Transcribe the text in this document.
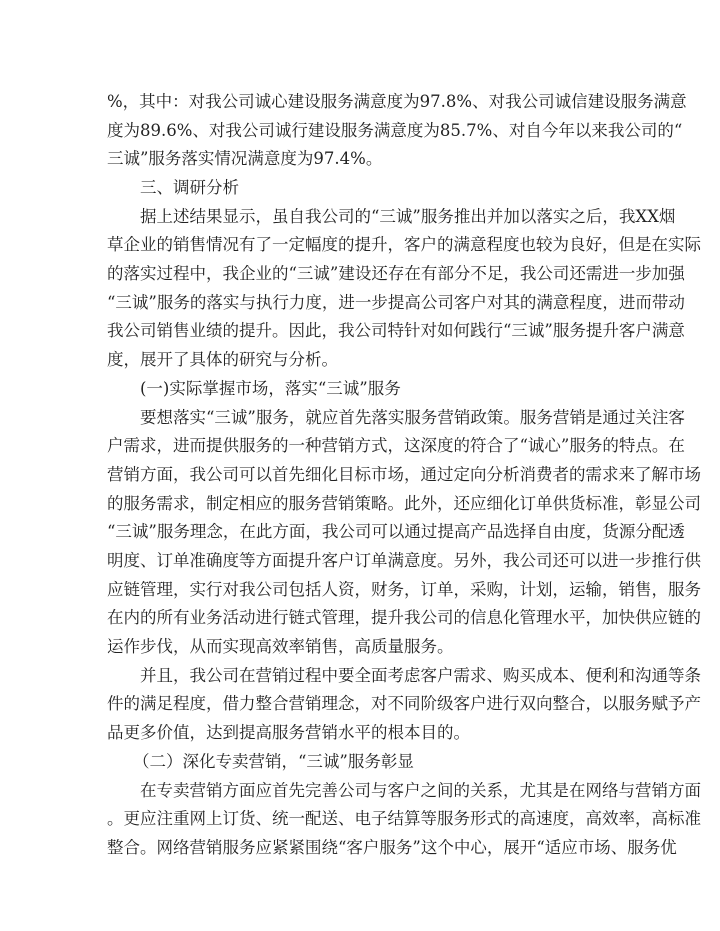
%，其中：对我公司诚心建设服务满意度为97.8%、对我公司诚信建设服务满意
度为89.6%、对我公司诚行建设服务满意度为85.7%、对自今年以来我公司的“
三诚”服务落实情况满意度为97.4%。
三、调研分析
据上述结果显示，虽自我公司的“三诚”服务推出并加以落实之后，我XX烟
草企业的销售情况有了一定幅度的提升，客户的满意程度也较为良好，但是在实际
的落实过程中，我企业的“三诚”建设还存在有部分不足，我公司还需进一步加强
“三诚”服务的落实与执行力度，进一步提高公司客户对其的满意程度，进而带动
我公司销售业绩的提升。因此，我公司特针对如何践行“三诚”服务提升客户满意
度，展开了具体的研究与分析。
(一)实际掌握市场，落实“三诚”服务
要想落实“三诚”服务，就应首先落实服务营销政策。服务营销是通过关注客
户需求，进而提供服务的一种营销方式，这深度的符合了“诚心”服务的特点。在
营销方面，我公司可以首先细化目标市场，通过定向分析消费者的需求来了解市场
的服务需求，制定相应的服务营销策略。此外，还应细化订单供货标准，彰显公司
“三诚”服务理念，在此方面，我公司可以通过提高产品选择自由度，货源分配透
明度、订单准确度等方面提升客户订单满意度。另外，我公司还可以进一步推行供
应链管理，实行对我公司包括人资，财务，订单，采购，计划，运输，销售，服务
在内的所有业务活动进行链式管理，提升我公司的信息化管理水平，加快供应链的
运作步伐，从而实现高效率销售，高质量服务。
并且，我公司在营销过程中要全面考虑客户需求、购买成本、便利和沟通等条
件的满足程度，借力整合营销理念，对不同阶级客户进行双向整合，以服务赋予产
品更多价值，达到提高服务营销水平的根本目的。
（二）深化专卖营销，“三诚”服务彰显
在专卖营销方面应首先完善公司与客户之间的关系，尤其是在网络与营销方面
。更应注重网上订货、统一配送、电子结算等服务形式的高速度，高效率，高标准
整合。网络营销服务应紧紧围绕“客户服务”这个中心，展开“适应市场、服务优
